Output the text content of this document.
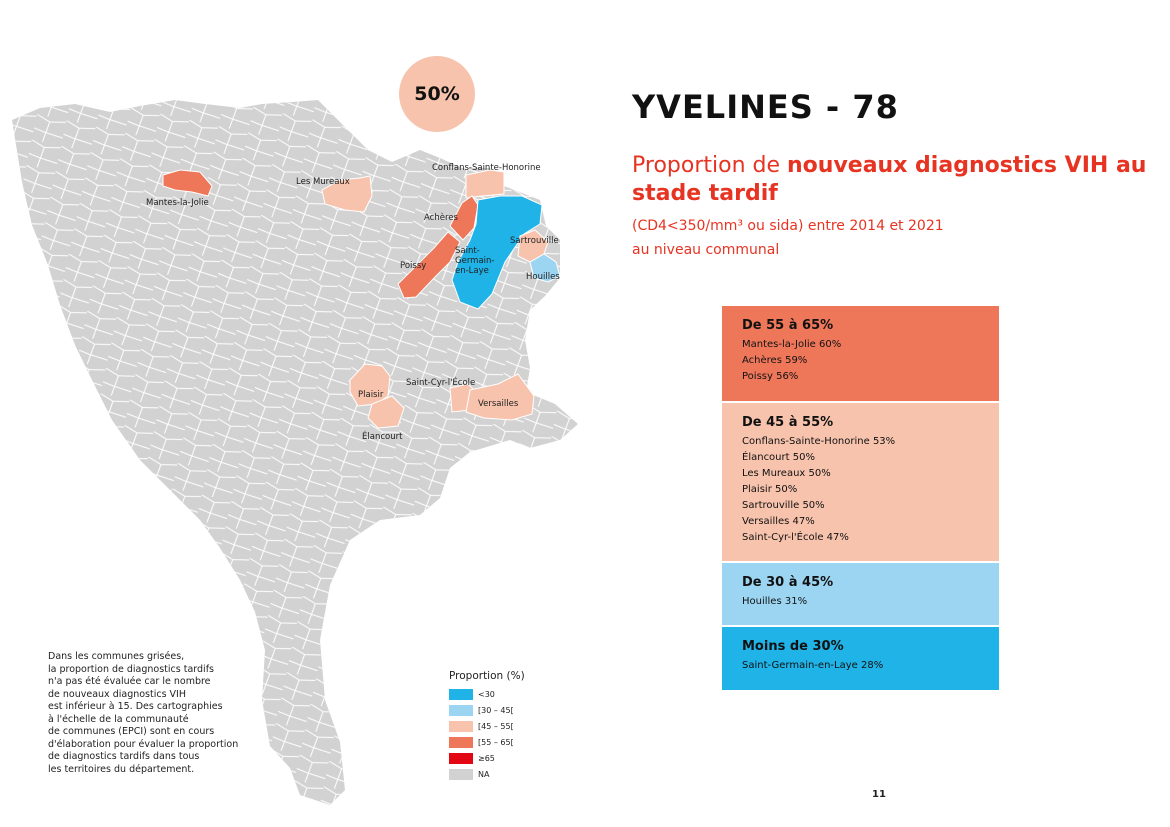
Mantes-la-Jolie
Les Mureaux
Conflans-Sainte-Honorine
Achères
Saint-
Germain-
en-Laye
Sartrouville
Poissy
Houilles
Saint-Cyr-l'École
Plaisir
Versailles
Élancourt
50%	YVELINES - 78
Proportion de nouveaux diagnostics VIH au stade tardif
(CD4<350/mm³ ou sida) entre 2014 et 2021
au niveau communal
De 55 à 65%
Mantes-la-Jolie 60%
Achères 59%
Poissy 56%
De 45 à 55%
Conflans-Sainte-Honorine 53%
Élancourt 50%
Les Mureaux 50%
Plaisir 50%
Sartrouville 50%
Versailles 47%
Saint-Cyr-l'École 47%
De 30 à 45%
Houilles 31%
Moins de 30%
Saint-Germain-en-Laye 28%
Dans les communes grisées,
la proportion de diagnostics tardifs
n'a pas été évaluée car le nombre
de nouveaux diagnostics VIH
est inférieur à 15. Des cartographies
à l'échelle de la communauté
de communes (EPCI) sont en cours
d'élaboration pour évaluer la proportion
de diagnostics tardifs dans tous
les territoires du département.
Proportion (%)
<30
[30 – 45[
[45 – 55[
[55 – 65[
≥65
NA
11
